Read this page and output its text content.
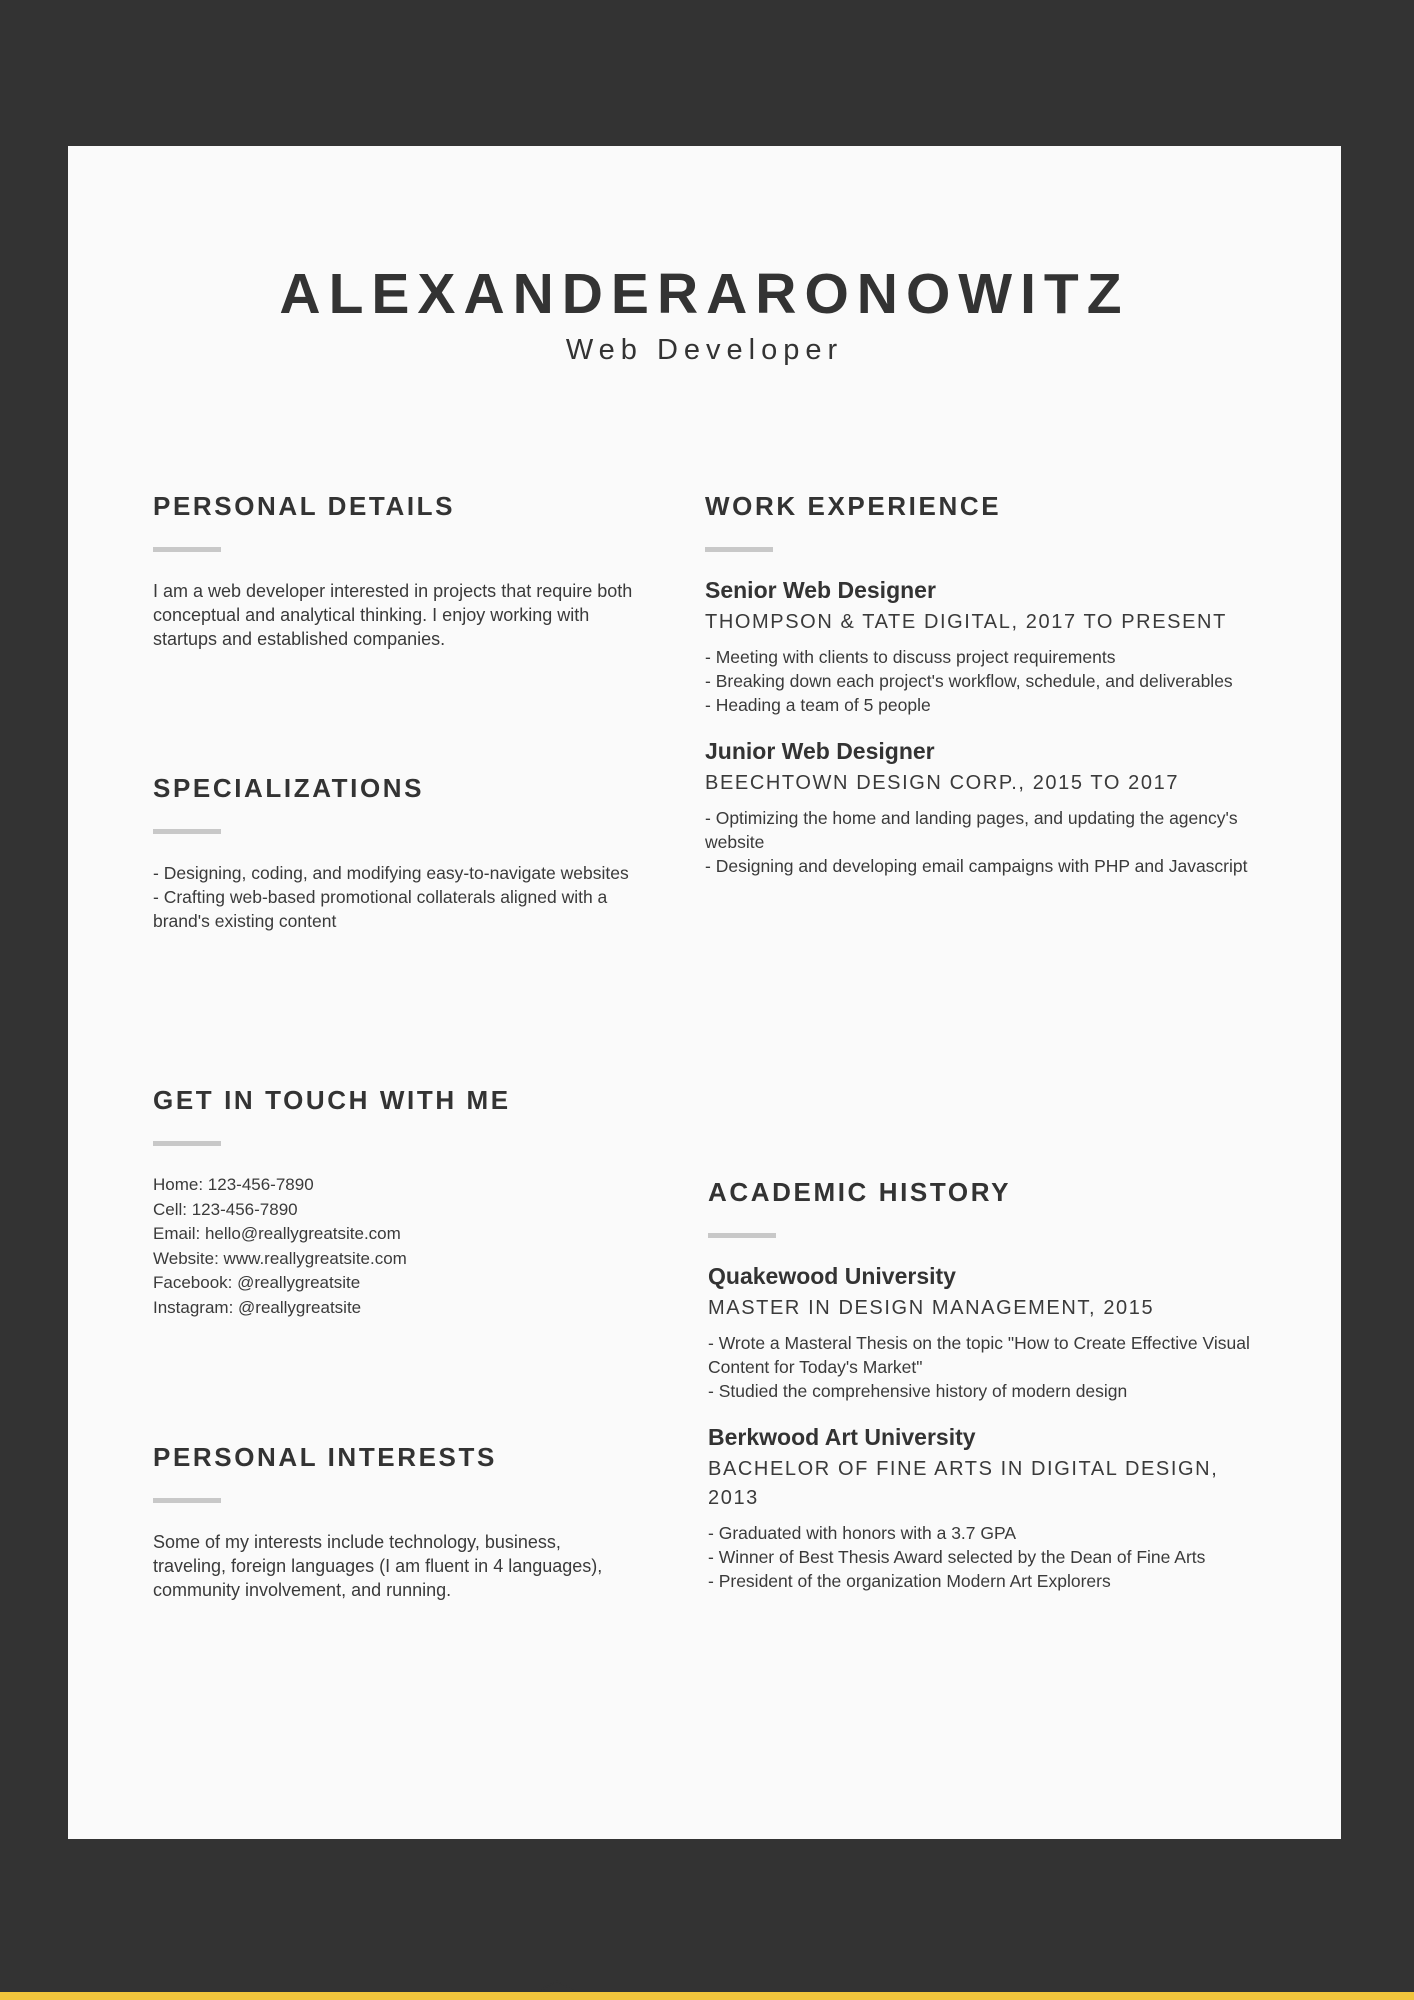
ALEXANDERARONOWITZ
Web Developer
PERSONAL DETAILS

I am a web developer interested in projects that require both conceptual and analytical thinking. I enjoy working with startups and established companies.

SPECIALIZATIONS
- Designing, coding, and modifying easy-to-navigate websites
- Crafting web-based promotional collaterals aligned with a brand's existing content
GET IN TOUCH WITH ME

Home: 123-456-7890

Cell: 123-456-7890

Email: hello@reallygreatsite.com

Website: www.reallygreatsite.com

Facebook: @reallygreatsite

Instagram: @reallygreatsite

PERSONAL INTERESTS

Some of my interests include technology, business, traveling, foreign languages (I am fluent in 4 languages), community involvement, and running.

WORK EXPERIENCE
Senior Web Designer
THOMPSON & TATE DIGITAL, 2017 TO PRESENT
- Meeting with clients to discuss project requirements
- Breaking down each project's workflow, schedule, and deliverables
- Heading a team of 5 people
Junior Web Designer
BEECHTOWN DESIGN CORP., 2015 TO 2017
- Optimizing the home and landing pages, and updating the agency's website
- Designing and developing email campaigns with PHP and Javascript
ACADEMIC HISTORY
Quakewood University
MASTER IN DESIGN MANAGEMENT, 2015
- Wrote a Masteral Thesis on the topic "How to Create Effective Visual Content for Today's Market"
- Studied the comprehensive history of modern design
Berkwood Art University
BACHELOR OF FINE ARTS IN DIGITAL DESIGN, 2013
- Graduated with honors with a 3.7 GPA
- Winner of Best Thesis Award selected by the Dean of Fine Arts
- President of the organization Modern Art Explorers
